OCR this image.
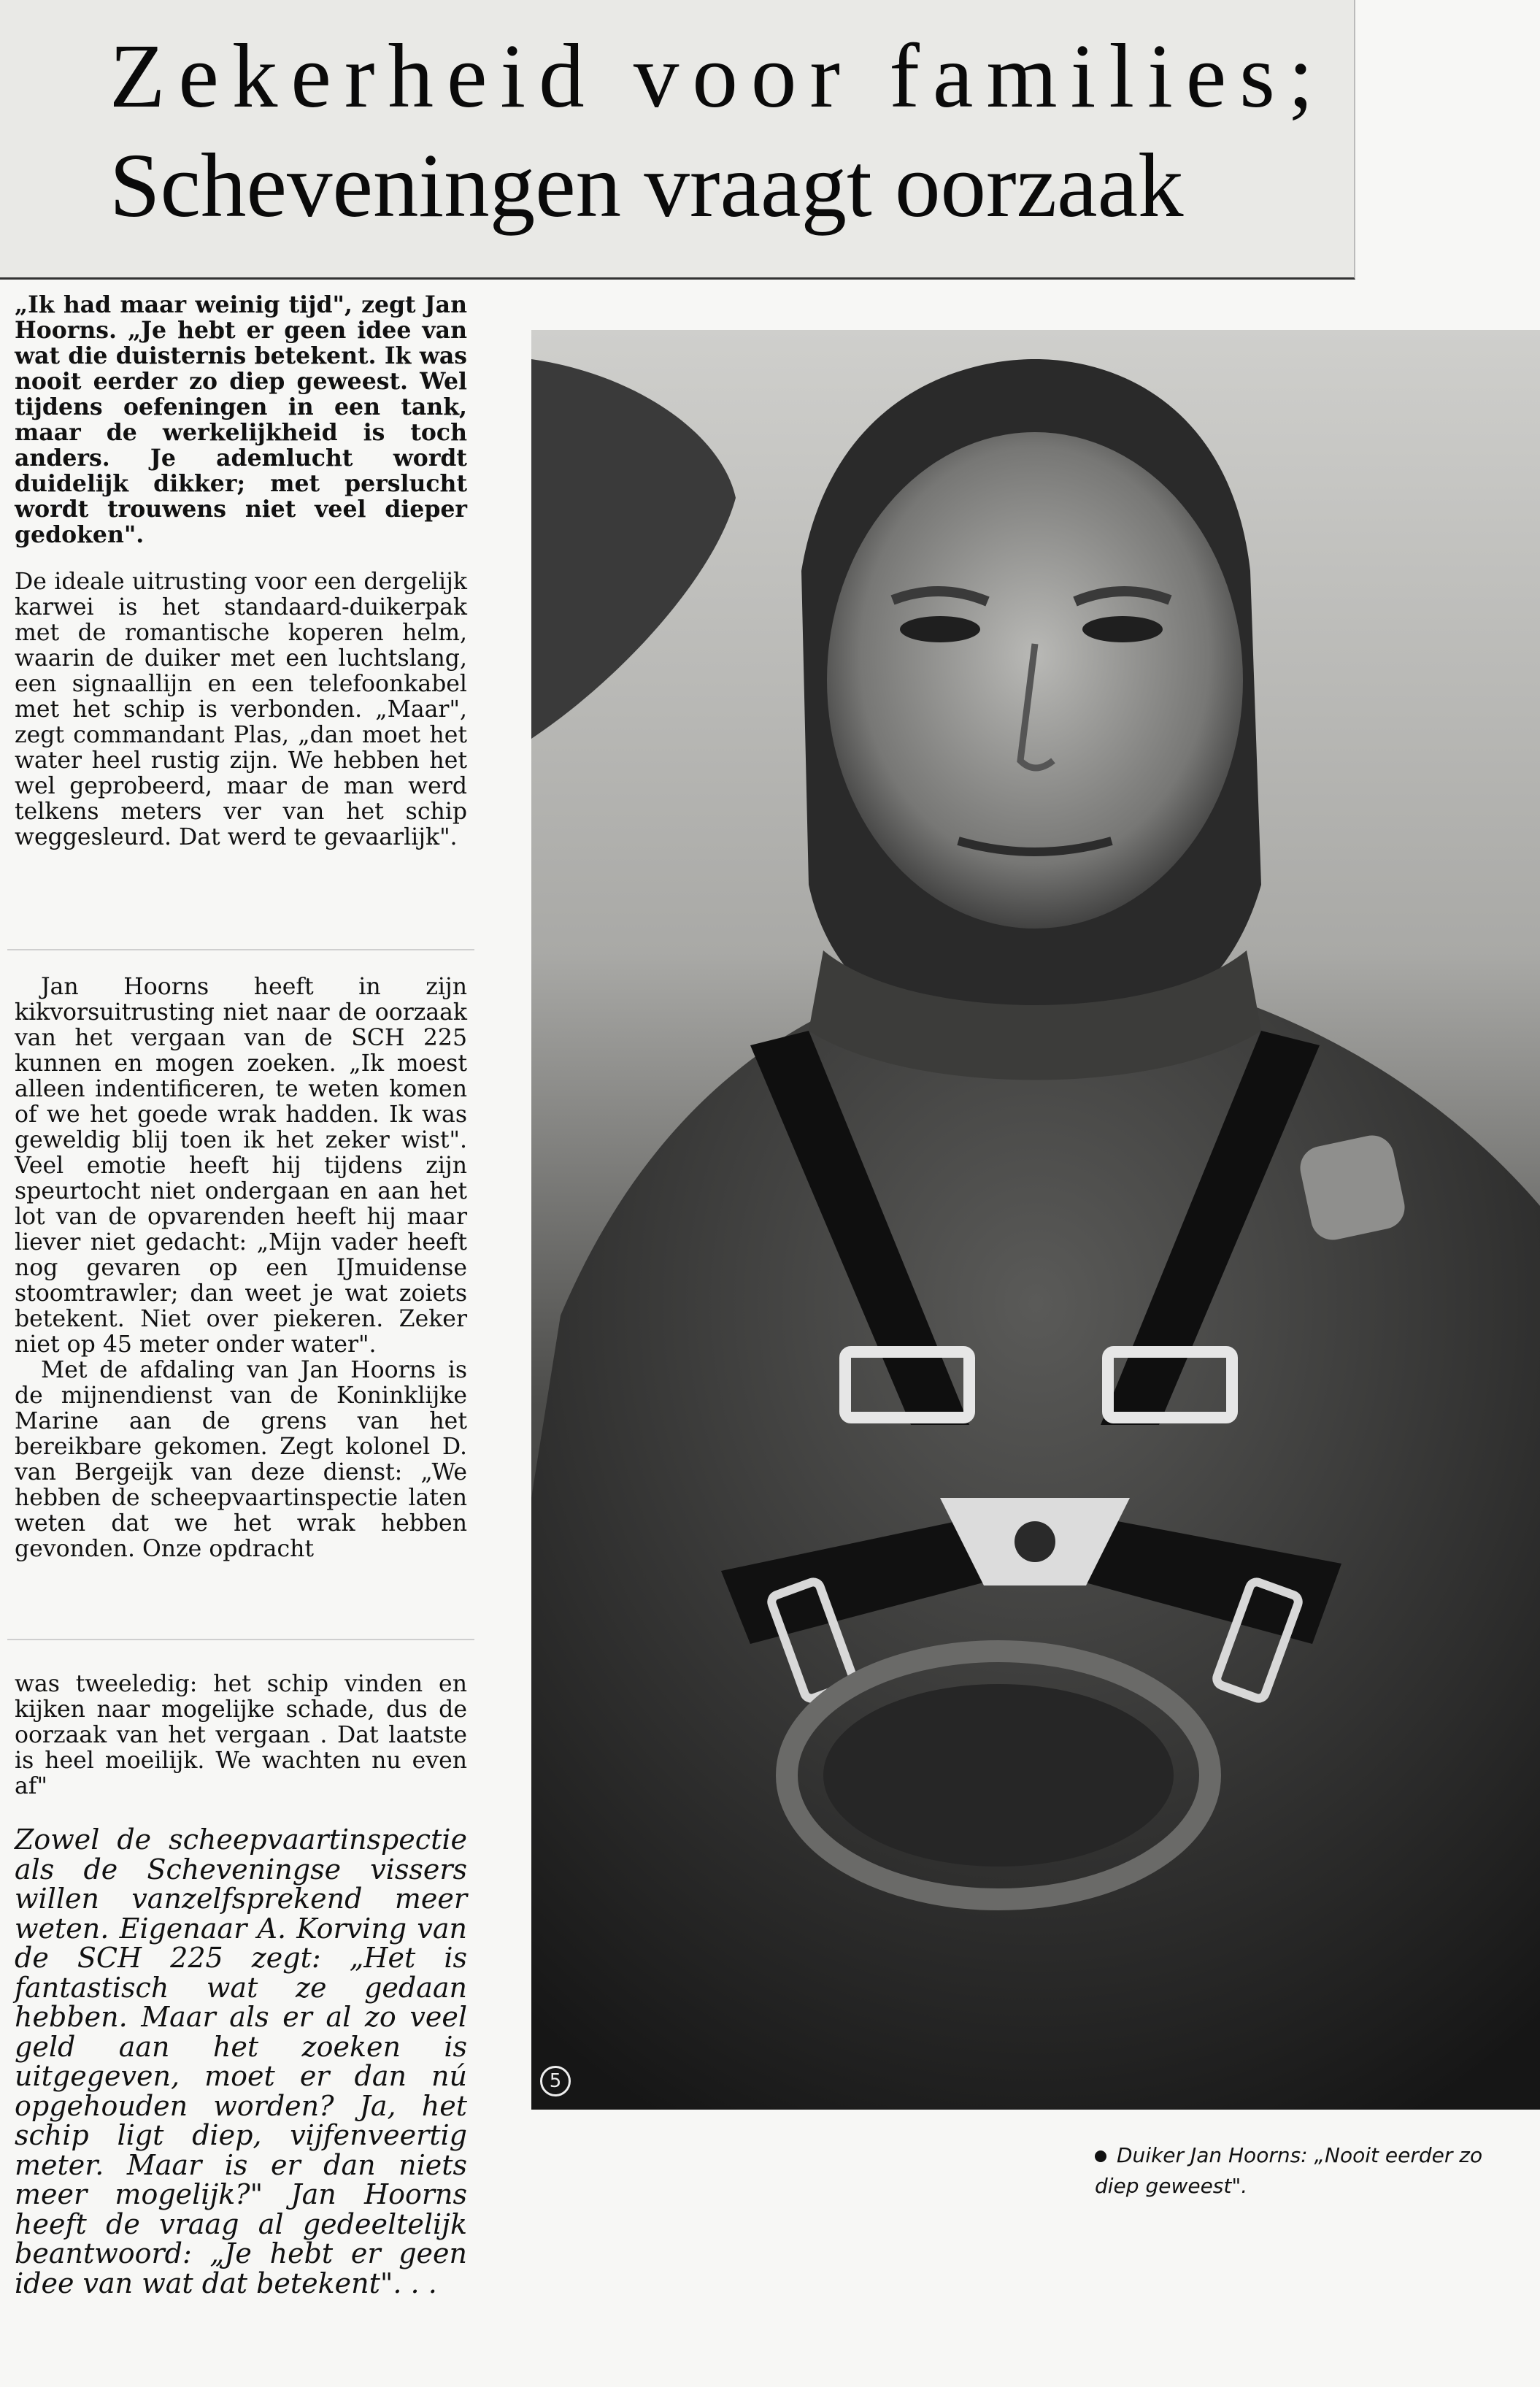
Zekerheid voor families;
Scheveningen vraagt oorzaak

„Ik had maar weinig tijd", zegt Jan Hoorns. „Je hebt er geen idee van wat die duisternis betekent. Ik was nooit eerder zo diep geweest. Wel tijdens oefeningen in een tank, maar de werkelijkheid is toch anders. Je ademlucht wordt duidelijk dikker; met perslucht wordt trouwens niet veel dieper gedoken".

De ideale uitrusting voor een dergelijk karwei is het standaard-duikerpak met de romantische koperen helm, waarin de duiker met een luchtslang, een signaallijn en een telefoonkabel met het schip is verbonden. „Maar", zegt commandant Plas, „dan moet het water heel rustig zijn. We hebben het wel geprobeerd, maar de man werd telkens meters ver van het schip weggesleurd. Dat werd te gevaarlijk".

Jan Hoorns heeft in zijn kikvorsuitrusting niet naar de oorzaak van het vergaan van de SCH 225 kunnen en mogen zoeken. „Ik moest alleen indentificeren, te weten komen of we het goede wrak hadden. Ik was geweldig blij toen ik het zeker wist". Veel emotie heeft hij tijdens zijn speurtocht niet ondergaan en aan het lot van de opvarenden heeft hij maar liever niet gedacht: „Mijn vader heeft nog gevaren op een IJmuidense stoomtrawler; dan weet je wat zoiets betekent. Niet over piekeren. Zeker niet op 45 meter onder water".

Met de afdaling van Jan Hoorns is de mijnendienst van de Koninklijke Marine aan de grens van het bereikbare gekomen. Zegt kolonel D. van Bergeijk van deze dienst: „We hebben de scheepvaartinspectie laten weten dat we het wrak hebben gevonden. Onze opdracht

was tweeledig: het schip vinden en kijken naar mogelijke schade, dus de oorzaak van het vergaan . Dat laatste is heel moeilijk. We wachten nu even af"

Zowel de scheepvaartinspectie als de Scheveningse vissers willen vanzelfsprekend meer weten. Eigenaar A. Korving van de SCH 225 zegt: „Het is fantastisch wat ze gedaan hebben. Maar als er al zo veel geld aan het zoeken is uitgegeven, moet er dan nú opgehouden worden? Ja, het schip ligt diep, vijfenveertig meter. Maar is er dan niets meer mogelijk?" Jan Hoorns heeft de vraag al gedeeltelijk beantwoord: „Je hebt er geen idee van wat dat betekent". . .

5

Duiker Jan Hoorns: „Nooit eerder zo diep geweest".
